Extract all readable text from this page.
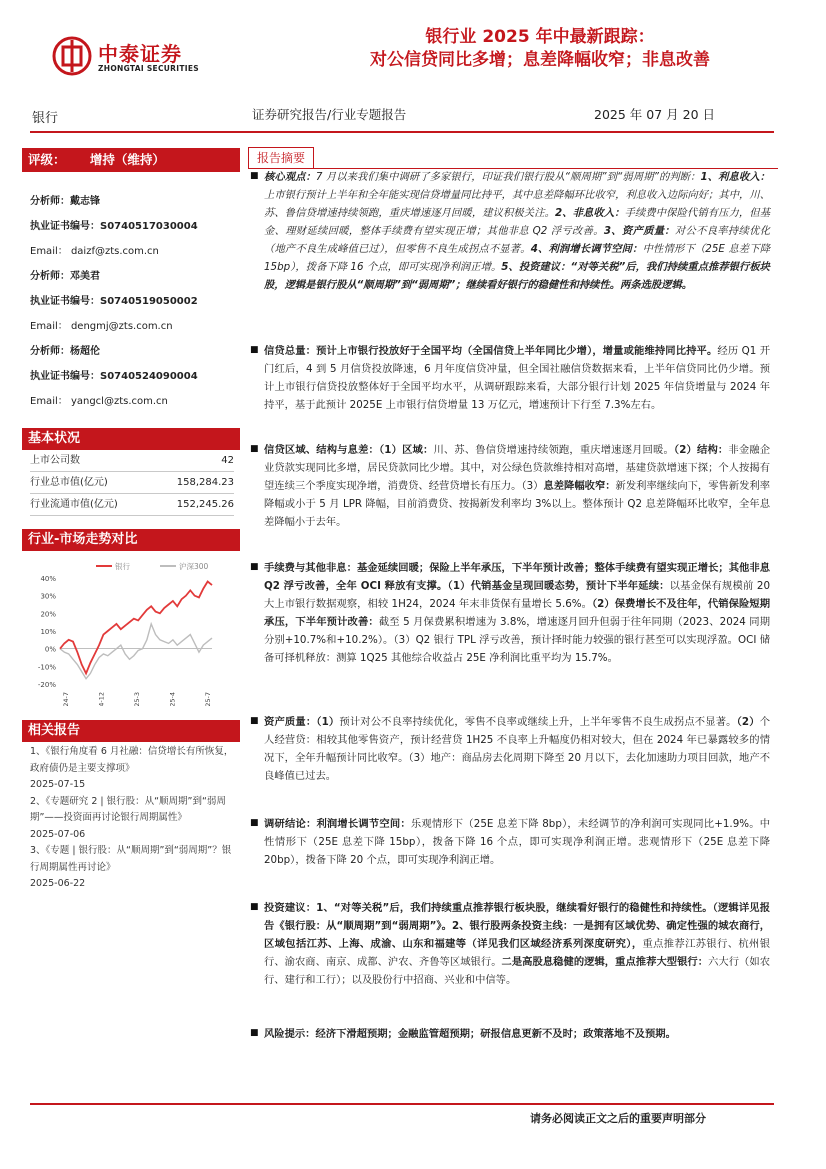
中泰证券
ZHONGTAI SECURITIES
银行业 2025 年中最新跟踪：
对公信贷同比多增；息差降幅收窄；非息改善
银行	证券研究报告/行业专题报告	2025 年 07 月 20 日
评级： 增持（维持）
分析师：戴志锋
执业证书编号：S0740517030004
Email： daizf@zts.com.cn
分析师：邓美君
执业证书编号：S0740519050002
Email： dengmj@zts.com.cn
分析师：杨超伦
执业证书编号：S0740524090004
Email： yangcl@zts.com.cn
基本状况
上市公司数	42
行业总市值(亿元)	158,284.23
行业流通市值(亿元)	152,245.26
行业-市场走势对比
40%
30%
20%
10%
0%
-10%
-20%
2024-7	2024-12	2025-3	2025-4	2025-7
银行	沪深300
相关报告
1、《银行角度看 6 月社融：信贷增长有所恢复，政府债仍是主要支撑项》
2025-07-15
2、《专题研究 2 | 银行股：从“顺周期”到“弱周期”——投资面再讨论银行周期属性》
2025-07-06
3、《专题 | 银行股：从“顺周期”到“弱周期”？银行周期属性再讨论》
2025-06-22
报告摘要
■ 核心观点：7 月以来我们集中调研了多家银行，印证我们银行股从“顺周期”到“弱周期”的判断：1、利息收入：上市银行预计上半年和全年能实现信贷增量同比持平，其中息差降幅环比收窄，利息收入边际向好；其中，川、苏、鲁信贷增速持续领跑，重庆增速逐月回暖，建议积极关注。2、非息收入：手续费中保险代销有压力，但基金、理财延续回暖，整体手续费有望实现正增；其他非息 Q2 浮亏改善。3、资产质量：对公不良率持续优化（地产不良生成峰值已过），但零售不良生成拐点不显著。4、利润增长调节空间：中性情形下（25E 息差下降 15bp），拨备下降 16 个点，即可实现净利润正增。5、投资建议：“对等关税”后，我们持续重点推荐银行板块股，逻辑是银行股从“顺周期”到“弱周期”；继续看好银行的稳健性和持续性。两条选股逻辑。
■ 信贷总量：预计上市银行投放好于全国平均（全国信贷上半年同比少增），增量或能维持同比持平。经历 Q1 开门红后，4 到 5 月信贷投放降速，6 月年度信贷冲量，但全国社融信贷数据来看，上半年信贷同比仍少增。预计上市银行信贷投放整体好于全国平均水平，从调研跟踪来看，大部分银行计划 2025 年信贷增量与 2024 年持平，基于此预计 2025E 上市银行信贷增量 13 万亿元，增速预计下行至 7.3%左右。
■ 信贷区域、结构与息差：（1）区域：川、苏、鲁信贷增速持续领跑，重庆增速逐月回暖。（2）结构：非金融企业贷款实现同比多增，居民贷款同比少增。其中，对公绿色贷款维持相对高增，基建贷款增速下探；个人按揭有望连续三个季度实现净增，消费贷、经营贷增长有压力。（3）息差降幅收窄：新发利率继续向下，零售新发利率降幅或小于 5 月 LPR 降幅，目前消费贷、按揭新发利率均 3%以上。整体预计 Q2 息差降幅环比收窄，全年息差降幅小于去年。
■ 手续费与其他非息：基金延续回暖；保险上半年承压，下半年预计改善；整体手续费有望实现正增长；其他非息 Q2 浮亏改善，全年 OCI 释放有支撑。（1）代销基金呈现回暖态势，预计下半年延续：以基金保有规模前 20 大上市银行数据观察，相较 1H24，2024 年末非货保有量增长 5.6%。（2）保费增长不及往年，代销保险短期承压，下半年预计改善：截至 5 月保费累积增速为 3.8%，增速逐月回升但弱于往年同期（2023、2024 同期分别+10.7%和+10.2%）。（3）Q2 银行 TPL 浮亏改善，预计择时能力较强的银行甚至可以实现浮盈。OCI 储备可择机释放：测算 1Q25 其他综合收益占 25E 净利润比重平均为 15.7%。
■ 资产质量：（1）预计对公不良率持续优化，零售不良率或继续上升，上半年零售不良生成拐点不显著。（2）个人经营贷：相较其他零售资产，预计经营贷 1H25 不良率上升幅度仍相对较大，但在 2024 年已暴露较多的情况下，全年升幅预计同比收窄。（3）地产：商品房去化周期下降至 20 月以下，去化加速助力项目回款，地产不良峰值已过去。
■ 调研结论：利润增长调节空间：乐观情形下（25E 息差下降 8bp），未经调节的净利润可实现同比+1.9%。中性情形下（25E 息差下降 15bp），拨备下降 16 个点，即可实现净利润正增。悲观情形下（25E 息差下降 20bp），拨备下降 20 个点，即可实现净利润正增。
■ 投资建议：1、“对等关税”后，我们持续重点推荐银行板块股，继续看好银行的稳健性和持续性。（逻辑详见报告《银行股：从“顺周期”到“弱周期”》。2、银行股两条投资主线：一是拥有区域优势、确定性强的城农商行，区域包括江苏、上海、成渝、山东和福建等（详见我们区域经济系列深度研究），重点推荐江苏银行、杭州银行、渝农商、南京、成都、沪农、齐鲁等区域银行。二是高股息稳健的逻辑，重点推荐大型银行：六大行（如农行、建行和工行）；以及股份行中招商、兴业和中信等。
■ 风险提示：经济下滑超预期；金融监管超预期；研报信息更新不及时；政策落地不及预期。
请务必阅读正文之后的重要声明部分
